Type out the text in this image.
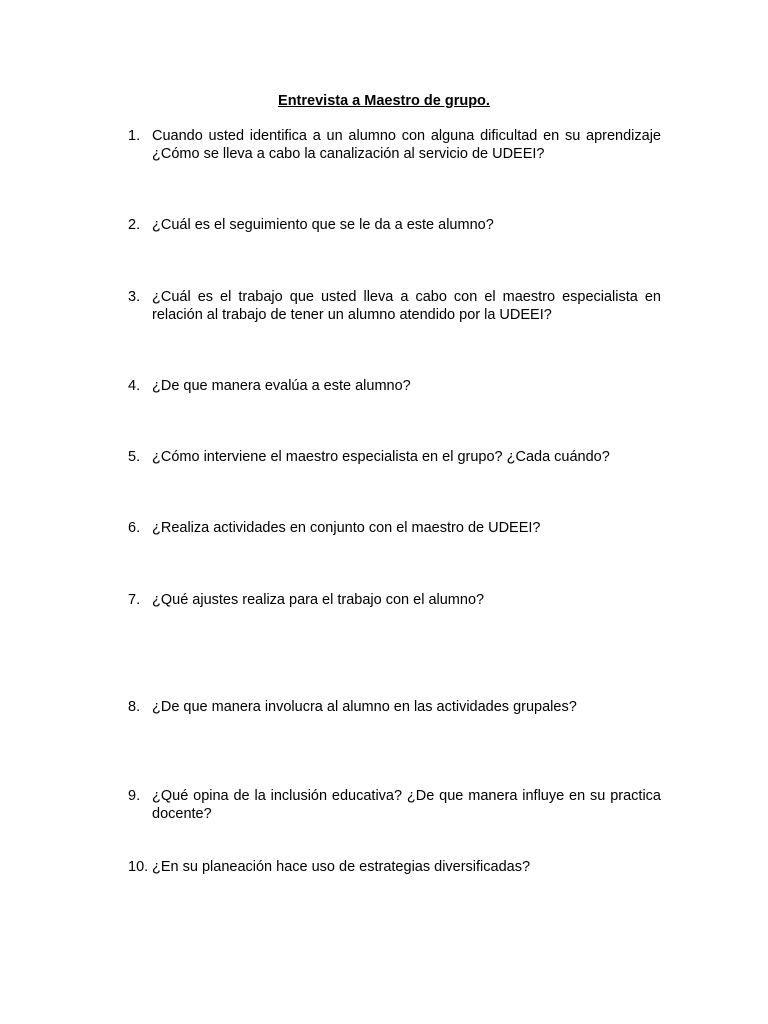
Entrevista a Maestro de grupo.
1. Cuando usted identifica a un alumno con alguna dificultad en su aprendizaje ¿Cómo se lleva a cabo la canalización al servicio de UDEEI?
2. ¿Cuál es el seguimiento que se le da a este alumno?
3. ¿Cuál es el trabajo que usted lleva a cabo con el maestro especialista en relación al trabajo de tener un alumno atendido por la UDEEI?
4. ¿De que manera evalúa a este alumno?
5. ¿Cómo interviene el maestro especialista en el grupo? ¿Cada cuándo?
6. ¿Realiza actividades en conjunto con el maestro de UDEEI?
7. ¿Qué ajustes realiza para el trabajo con el alumno?
8. ¿De que manera involucra al alumno en las actividades grupales?
9. ¿Qué opina de la inclusión educativa? ¿De que manera influye en su practica docente?
10. ¿En su planeación hace uso de estrategias diversificadas?
